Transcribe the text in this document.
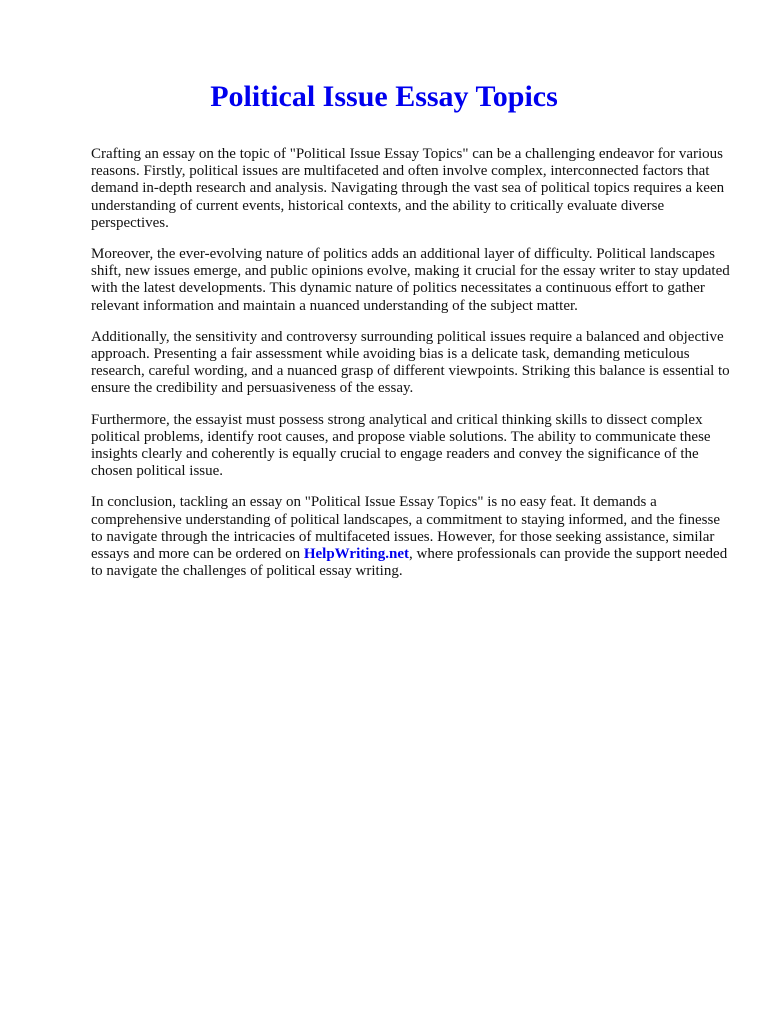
Political Issue Essay Topics

Crafting an essay on the topic of "Political Issue Essay Topics" can be a challenging endeavor for various reasons. Firstly, political issues are multifaceted and often involve complex, interconnected factors that demand in-depth research and analysis. Navigating through the vast sea of political topics requires a keen understanding of current events, historical contexts, and the ability to critically evaluate diverse perspectives.

Moreover, the ever-evolving nature of politics adds an additional layer of difficulty. Political landscapes shift, new issues emerge, and public opinions evolve, making it crucial for the essay writer to stay updated with the latest developments. This dynamic nature of politics necessitates a continuous effort to gather relevant information and maintain a nuanced understanding of the subject matter.

Additionally, the sensitivity and controversy surrounding political issues require a balanced and objective approach. Presenting a fair assessment while avoiding bias is a delicate task, demanding meticulous research, careful wording, and a nuanced grasp of different viewpoints. Striking this balance is essential to ensure the credibility and persuasiveness of the essay.

Furthermore, the essayist must possess strong analytical and critical thinking skills to dissect complex political problems, identify root causes, and propose viable solutions. The ability to communicate these insights clearly and coherently is equally crucial to engage readers and convey the significance of the chosen political issue.

In conclusion, tackling an essay on "Political Issue Essay Topics" is no easy feat. It demands a comprehensive understanding of political landscapes, a commitment to staying informed, and the finesse to navigate through the intricacies of multifaceted issues. However, for those seeking assistance, similar essays and more can be ordered on HelpWriting.net, where professionals can provide the support needed to navigate the challenges of political essay writing.
